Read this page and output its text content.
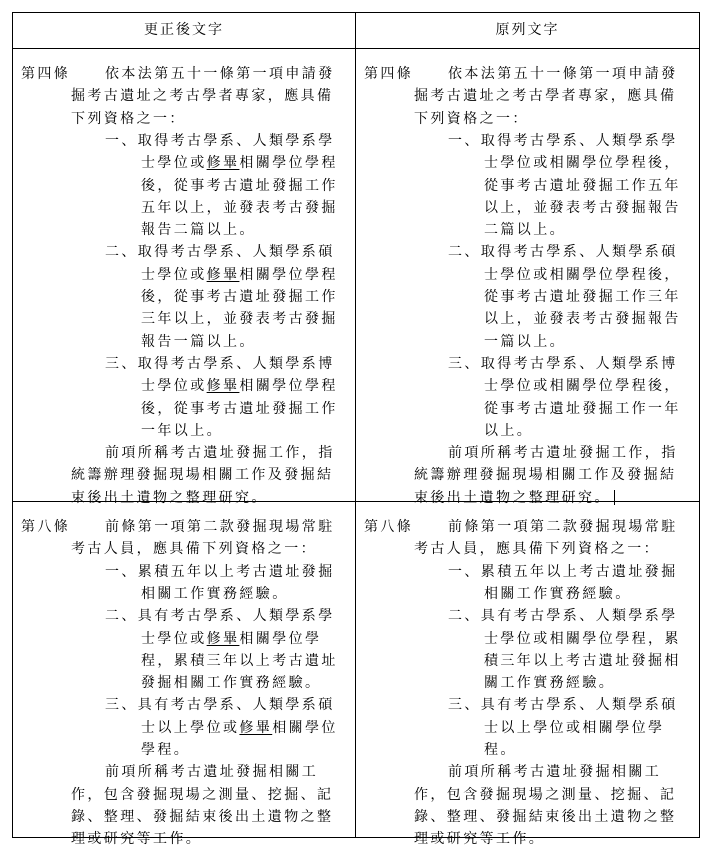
更正後文字	原列文字
第四條 依本法第五十一條第一項申請發
掘考古遺址之考古學者專家，應具備
下列資格之一：
一、取得考古學系、人類學系學
士學位或修畢相關學位學程
後，從事考古遺址發掘工作
五年以上，並發表考古發掘
報告二篇以上。
二、取得考古學系、人類學系碩
士學位或修畢相關學位學程
後，從事考古遺址發掘工作
三年以上，並發表考古發掘
報告一篇以上。
三、取得考古學系、人類學系博
士學位或修畢相關學位學程
後，從事考古遺址發掘工作
一年以上。
前項所稱考古遺址發掘工作，指
統籌辦理發掘現場相關工作及發掘結
束後出土遺物之整理研究。
第四條 依本法第五十一條第一項申請發
掘考古遺址之考古學者專家，應具備
下列資格之一：
一、取得考古學系、人類學系學
士學位或相關學位學程後，
從事考古遺址發掘工作五年
以上，並發表考古發掘報告
二篇以上。
二、取得考古學系、人類學系碩
士學位或相關學位學程後，
從事考古遺址發掘工作三年
以上，並發表考古發掘報告
一篇以上。
三、取得考古學系、人類學系博
士學位或相關學位學程後，
從事考古遺址發掘工作一年
以上。
前項所稱考古遺址發掘工作，指
統籌辦理發掘現場相關工作及發掘結
束後出土遺物之整理研究。
第八條 前條第一項第二款發掘現場常駐
考古人員，應具備下列資格之一：
一、累積五年以上考古遺址發掘
相關工作實務經驗。
二、具有考古學系、人類學系學
士學位或修畢相關學位學
程，累積三年以上考古遺址
發掘相關工作實務經驗。
三、具有考古學系、人類學系碩
士以上學位或修畢相關學位
學程。
前項所稱考古遺址發掘相關工
作，包含發掘現場之測量、挖掘、記
錄、整理、發掘結束後出土遺物之整
理或研究等工作。
第八條 前條第一項第二款發掘現場常駐
考古人員，應具備下列資格之一：
一、累積五年以上考古遺址發掘
相關工作實務經驗。
二、具有考古學系、人類學系學
士學位或相關學位學程，累
積三年以上考古遺址發掘相
關工作實務經驗。
三、具有考古學系、人類學系碩
士以上學位或相關學位學
程。
前項所稱考古遺址發掘相關工
作，包含發掘現場之測量、挖掘、記
錄、整理、發掘結束後出土遺物之整
理或研究等工作。
